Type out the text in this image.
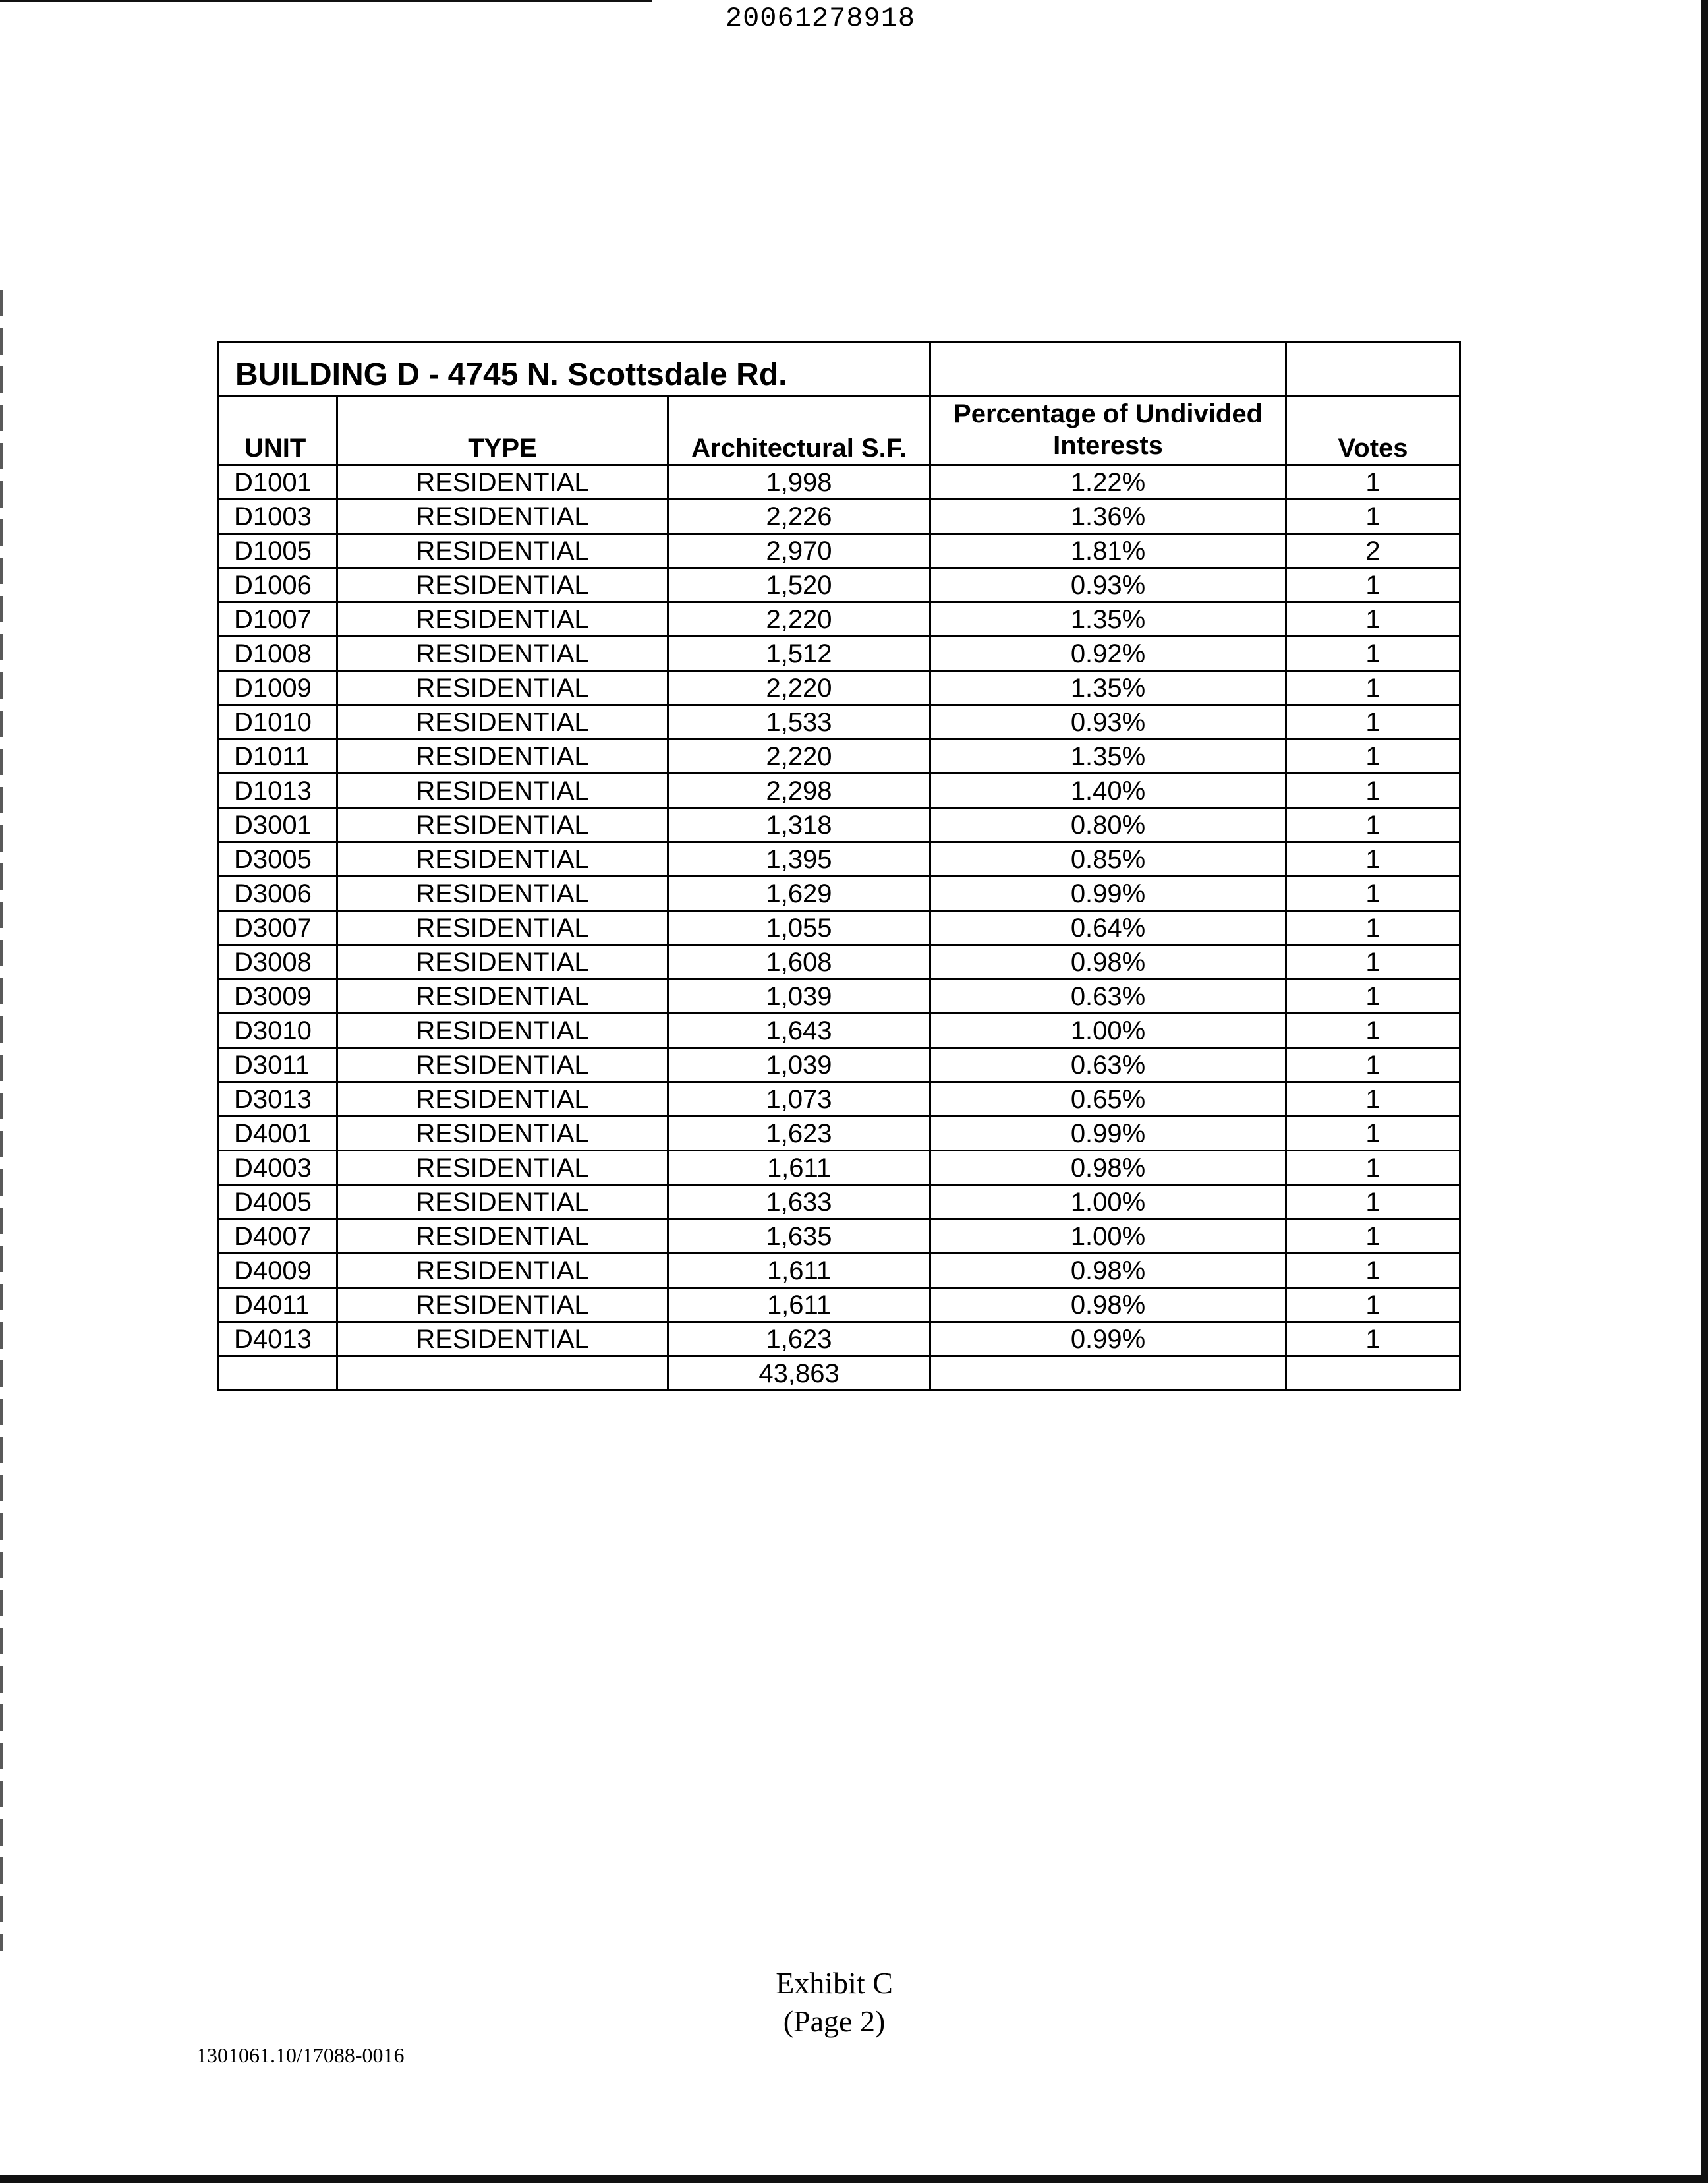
20061278918
BUILDING D - 4745 N. Scottsdale Rd.				
UNIT	TYPE	Architectural S.F.	Percentage of Undivided Interests	Votes
D1001	RESIDENTIAL	1,998	1.22%	1
D1003	RESIDENTIAL	2,226	1.36%	1
D1005	RESIDENTIAL	2,970	1.81%	2
D1006	RESIDENTIAL	1,520	0.93%	1
D1007	RESIDENTIAL	2,220	1.35%	1
D1008	RESIDENTIAL	1,512	0.92%	1
D1009	RESIDENTIAL	2,220	1.35%	1
D1010	RESIDENTIAL	1,533	0.93%	1
D1011	RESIDENTIAL	2,220	1.35%	1
D1013	RESIDENTIAL	2,298	1.40%	1
D3001	RESIDENTIAL	1,318	0.80%	1
D3005	RESIDENTIAL	1,395	0.85%	1
D3006	RESIDENTIAL	1,629	0.99%	1
D3007	RESIDENTIAL	1,055	0.64%	1
D3008	RESIDENTIAL	1,608	0.98%	1
D3009	RESIDENTIAL	1,039	0.63%	1
D3010	RESIDENTIAL	1,643	1.00%	1
D3011	RESIDENTIAL	1,039	0.63%	1
D3013	RESIDENTIAL	1,073	0.65%	1
D4001	RESIDENTIAL	1,623	0.99%	1
D4003	RESIDENTIAL	1,611	0.98%	1
D4005	RESIDENTIAL	1,633	1.00%	1
D4007	RESIDENTIAL	1,635	1.00%	1
D4009	RESIDENTIAL	1,611	0.98%	1
D4011	RESIDENTIAL	1,611	0.98%	1
D4013	RESIDENTIAL	1,623	0.99%	1
		43,863		
Exhibit C
(Page 2)
1301061.10/17088-0016
